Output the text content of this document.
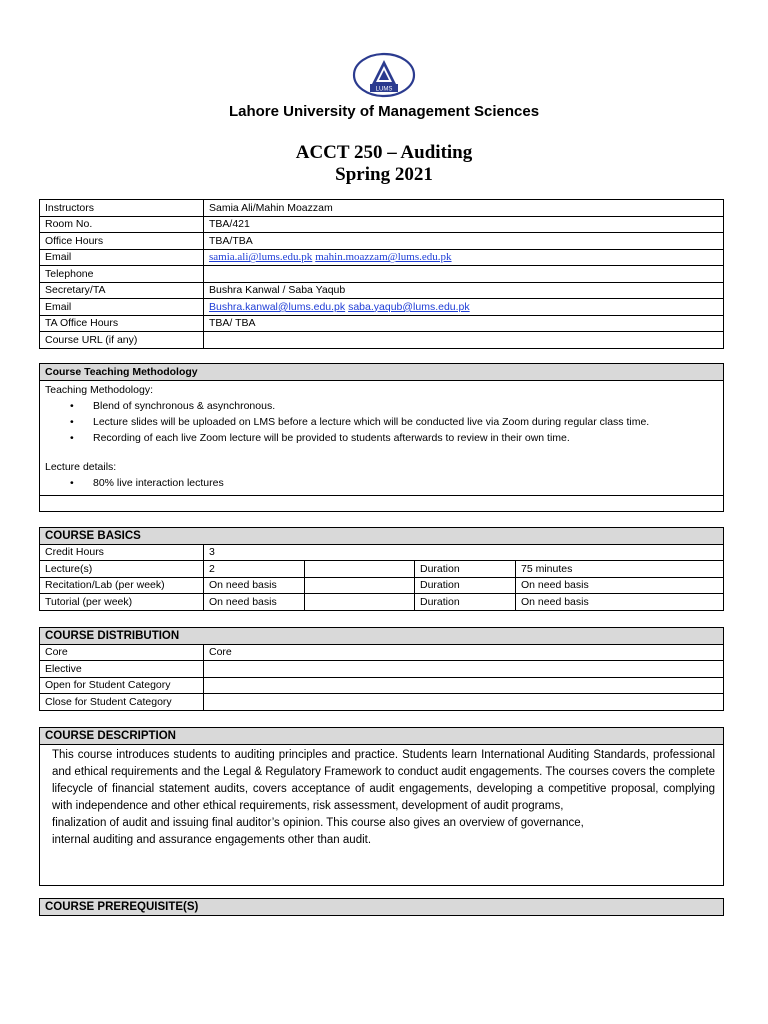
LUMS
Lahore University of Management Sciences
ACCT 250 – Auditing
Spring 2021
Instructors	Samia Ali/Mahin Moazzam
Room No.	TBA/421
Office Hours	TBA/TBA
Email	samia.ali@lums.edu.pk mahin.moazzam@lums.edu.pk
Telephone	
Secretary/TA	Bushra Kanwal / Saba Yaqub
Email	Bushra.kanwal@lums.edu.pk saba.yaqub@lums.edu.pk
TA Office Hours	TBA/ TBA
Course URL (if any)	
Course Teaching Methodology

Teaching Methodology:
• Blend of synchronous & asynchronous.
• Lecture slides will be uploaded on LMS before a lecture which will be conducted live via Zoom during regular class time.
• Recording of each live Zoom lecture will be provided to students afterwards to review in their own time.
Lecture details:
• 80% live interaction lectures

COURSE BASICS				
Credit Hours	3			
Lecture(s)	2		Duration	75 minutes
Recitation/Lab (per week)	On need basis		Duration	On need basis
Tutorial (per week)	On need basis		Duration	On need basis
COURSE DISTRIBUTION	
Core	Core
Elective	
Open for Student Category	
Close for Student Category	
COURSE DESCRIPTION

This course introduces students to auditing principles and practice. Students learn International Auditing Standards, professional and ethical requirements and the Legal & Regulatory Framework to conduct audit engagements. The courses covers the complete lifecycle of financial statement audits, covers acceptance of audit engagements, developing a competitive proposal, complying with independence and other ethical requirements, risk assessment, development of audit programs,

finalization of audit and issuing final auditor’s opinion. This course also gives an overview of governance,

internal auditing and assurance engagements other than audit.

COURSE PREREQUISITE(S)
